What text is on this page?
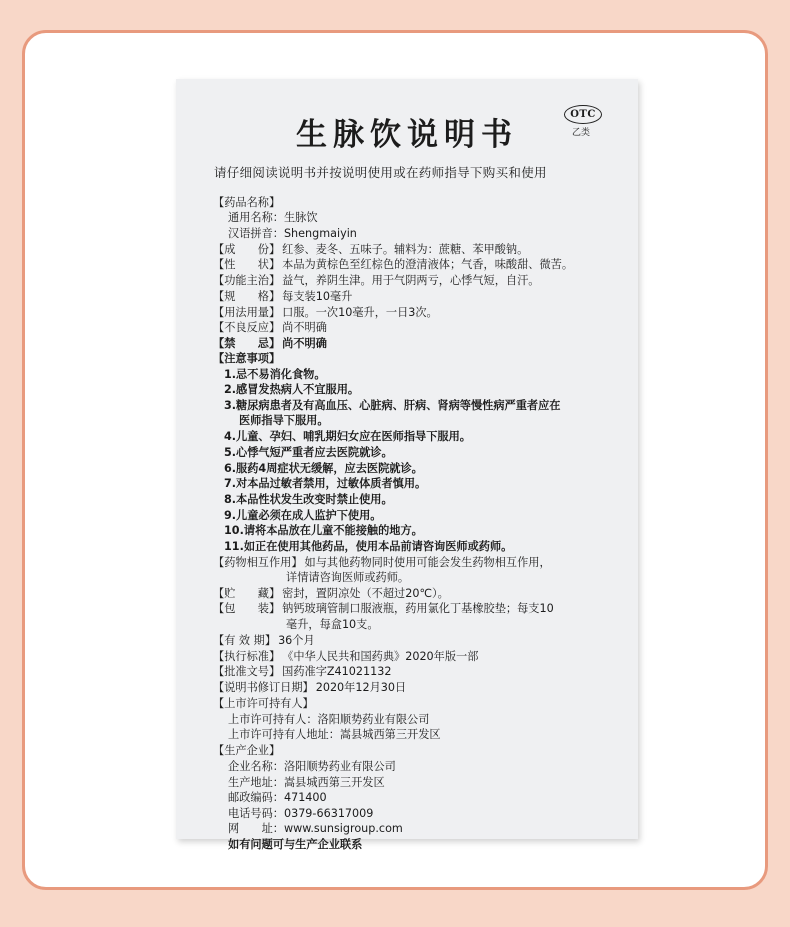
OTC
乙类
生脉饮说明书
请仔细阅读说明书并按说明使用或在药师指导下购买和使用
【药品名称】
通用名称：生脉饮
汉语拼音：Shengmaiyin
【成　　份】 红参、麦冬、五味子。辅料为：蔗糖、苯甲酸钠。
【性　　状】 本品为黄棕色至红棕色的澄清液体；气香，味酸甜、微苦。
【功能主治】 益气，养阴生津。用于气阴两亏，心悸气短，自汗。
【规　　格】 每支装10毫升
【用法用量】 口服。一次10毫升，一日3次。
【不良反应】 尚不明确
【禁　　忌】 尚不明确
【注意事项】
1.忌不易消化食物。
2.感冒发热病人不宜服用。
3.糖尿病患者及有高血压、心脏病、肝病、肾病等慢性病严重者应在
医师指导下服用。
4.儿童、孕妇、哺乳期妇女应在医师指导下服用。
5.心悸气短严重者应去医院就诊。
6.服药4周症状无缓解，应去医院就诊。
7.对本品过敏者禁用，过敏体质者慎用。
8.本品性状发生改变时禁止使用。
9.儿童必须在成人监护下使用。
10.请将本品放在儿童不能接触的地方。
11.如正在使用其他药品，使用本品前请咨询医师或药师。
【药物相互作用】 如与其他药物同时使用可能会发生药物相互作用，
详情请咨询医师或药师。
【贮　　藏】 密封，置阴凉处（不超过20℃）。
【包　　装】 钠钙玻璃管制口服液瓶，药用氯化丁基橡胶垫；每支10
毫升，每盒10支。
【有 效 期】 36个月
【执行标准】 《中华人民共和国药典》2020年版一部
【批准文号】 国药准字Z41021132
【说明书修订日期】 2020年12月30日
【上市许可持有人】
上市许可持有人：洛阳顺势药业有限公司
上市许可持有人地址：嵩县城西第三开发区
【生产企业】
企业名称：洛阳顺势药业有限公司
生产地址：嵩县城西第三开发区
邮政编码：471400
电话号码：0379-66317009
网　　址：www.sunsigroup.com
如有问题可与生产企业联系
